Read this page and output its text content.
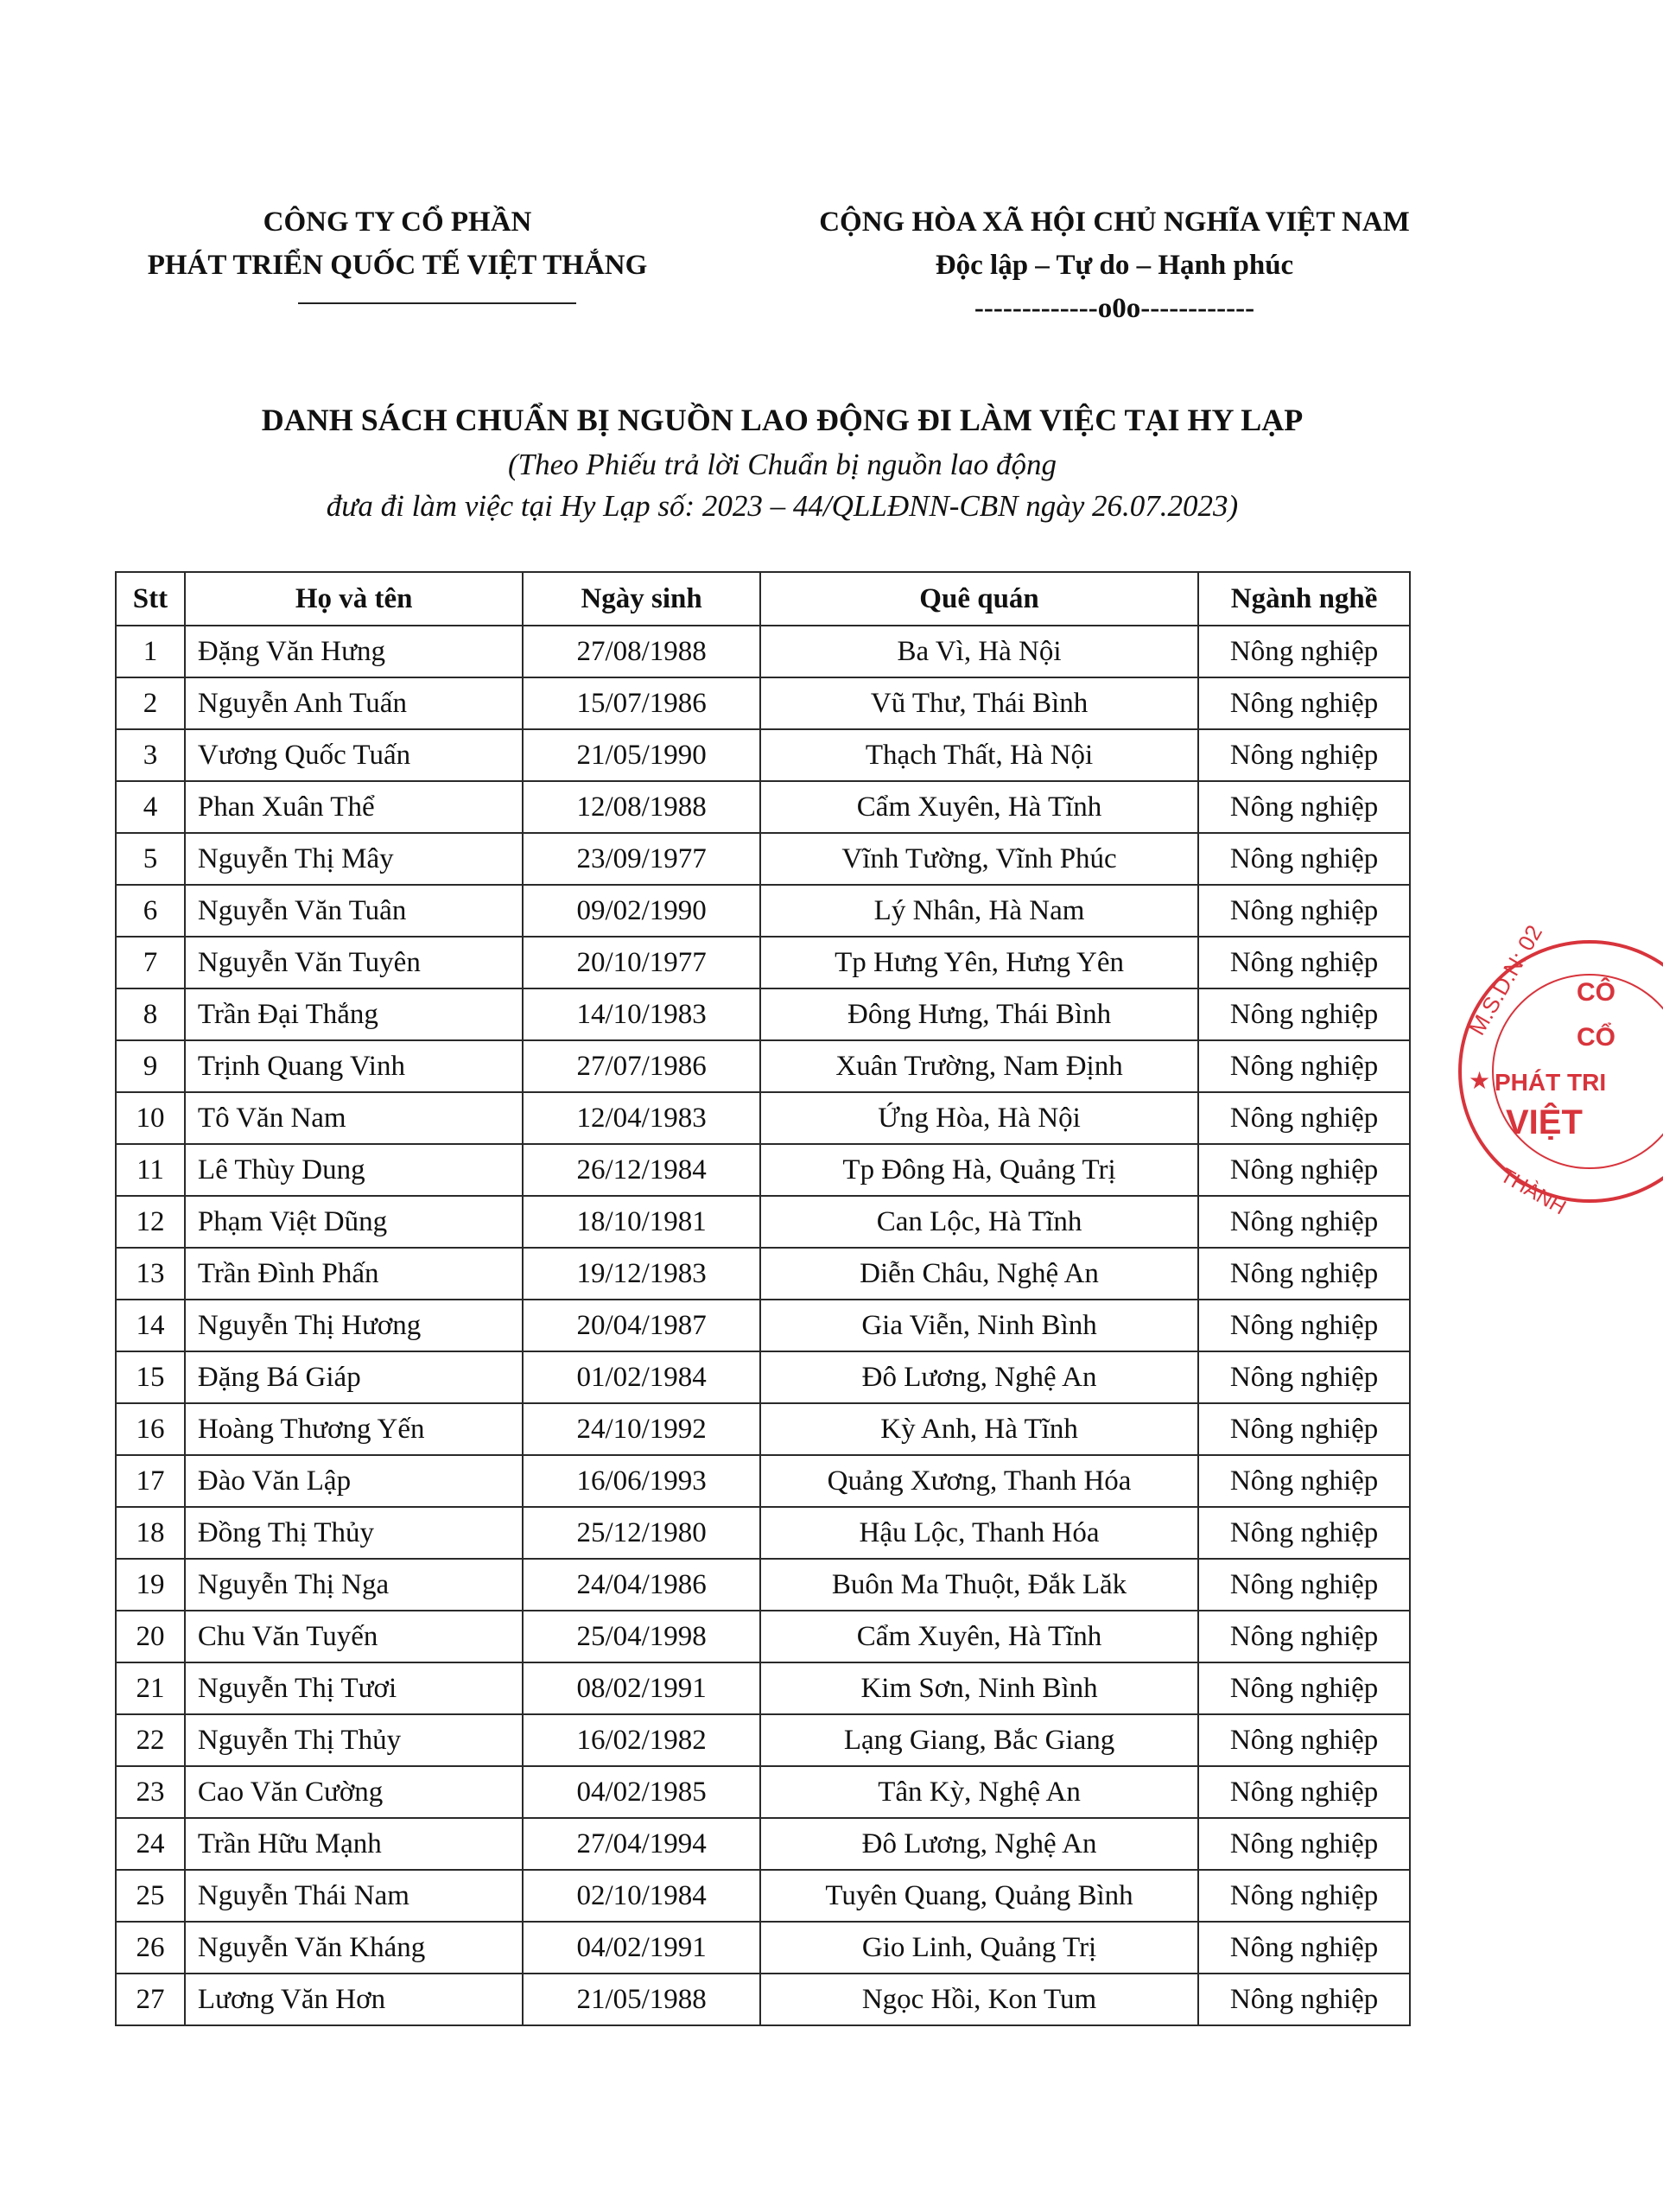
CÔNG TY CỔ PHẦN
PHÁT TRIỂN QUỐC TẾ VIỆT THẮNG
CỘNG HÒA XÃ HỘI CHỦ NGHĨA VIỆT NAM
Độc lập – Tự do – Hạnh phúc
-------------o0o------------
DANH SÁCH CHUẨN BỊ NGUỒN LAO ĐỘNG ĐI LÀM VIỆC TẠI HY LẠP
(Theo Phiếu trả lời Chuẩn bị nguồn lao động
đưa đi làm việc tại Hy Lạp số: 2023 – 44/QLLĐNN-CBN ngày 26.07.2023)
Stt	Họ và tên	Ngày sinh	Quê quán	Ngành nghề
1	Đặng Văn Hưng	27/08/1988	Ba Vì, Hà Nội	Nông nghiệp
2	Nguyễn Anh Tuấn	15/07/1986	Vũ Thư, Thái Bình	Nông nghiệp
3	Vương Quốc Tuấn	21/05/1990	Thạch Thất, Hà Nội	Nông nghiệp
4	Phan Xuân Thể	12/08/1988	Cẩm Xuyên, Hà Tĩnh	Nông nghiệp
5	Nguyễn Thị Mây	23/09/1977	Vĩnh Tường, Vĩnh Phúc	Nông nghiệp
6	Nguyễn Văn Tuân	09/02/1990	Lý Nhân, Hà Nam	Nông nghiệp
7	Nguyễn Văn Tuyên	20/10/1977	Tp Hưng Yên, Hưng Yên	Nông nghiệp
8	Trần Đại Thắng	14/10/1983	Đông Hưng, Thái Bình	Nông nghiệp
9	Trịnh Quang Vinh	27/07/1986	Xuân Trường, Nam Định	Nông nghiệp
10	Tô Văn Nam	12/04/1983	Ứng Hòa, Hà Nội	Nông nghiệp
11	Lê Thùy Dung	26/12/1984	Tp Đông Hà, Quảng Trị	Nông nghiệp
12	Phạm Việt Dũng	18/10/1981	Can Lộc, Hà Tĩnh	Nông nghiệp
13	Trần Đình Phấn	19/12/1983	Diễn Châu, Nghệ An	Nông nghiệp
14	Nguyễn Thị Hương	20/04/1987	Gia Viễn, Ninh Bình	Nông nghiệp
15	Đặng Bá Giáp	01/02/1984	Đô Lương, Nghệ An	Nông nghiệp
16	Hoàng Thương Yến	24/10/1992	Kỳ Anh, Hà Tĩnh	Nông nghiệp
17	Đào Văn Lập	16/06/1993	Quảng Xương, Thanh Hóa	Nông nghiệp
18	Đồng Thị Thủy	25/12/1980	Hậu Lộc, Thanh Hóa	Nông nghiệp
19	Nguyễn Thị Nga	24/04/1986	Buôn Ma Thuột, Đắk Lăk	Nông nghiệp
20	Chu Văn Tuyến	25/04/1998	Cẩm Xuyên, Hà Tĩnh	Nông nghiệp
21	Nguyễn Thị Tươi	08/02/1991	Kim Sơn, Ninh Bình	Nông nghiệp
22	Nguyễn Thị Thủy	16/02/1982	Lạng Giang, Bắc Giang	Nông nghiệp
23	Cao Văn Cường	04/02/1985	Tân Kỳ, Nghệ An	Nông nghiệp
24	Trần Hữu Mạnh	27/04/1994	Đô Lương, Nghệ An	Nông nghiệp
25	Nguyễn Thái Nam	02/10/1984	Tuyên Quang, Quảng Bình	Nông nghiệp
26	Nguyễn Văn Kháng	04/02/1991	Gio Linh, Quảng Trị	Nông nghiệp
27	Lương Văn Hơn	21/05/1988	Ngọc Hồi, Kon Tum	Nông nghiệp
M.S.D.N: 02 CÔ
CỔ
PHÁT TRI
VIỆT
THÀNH
★
